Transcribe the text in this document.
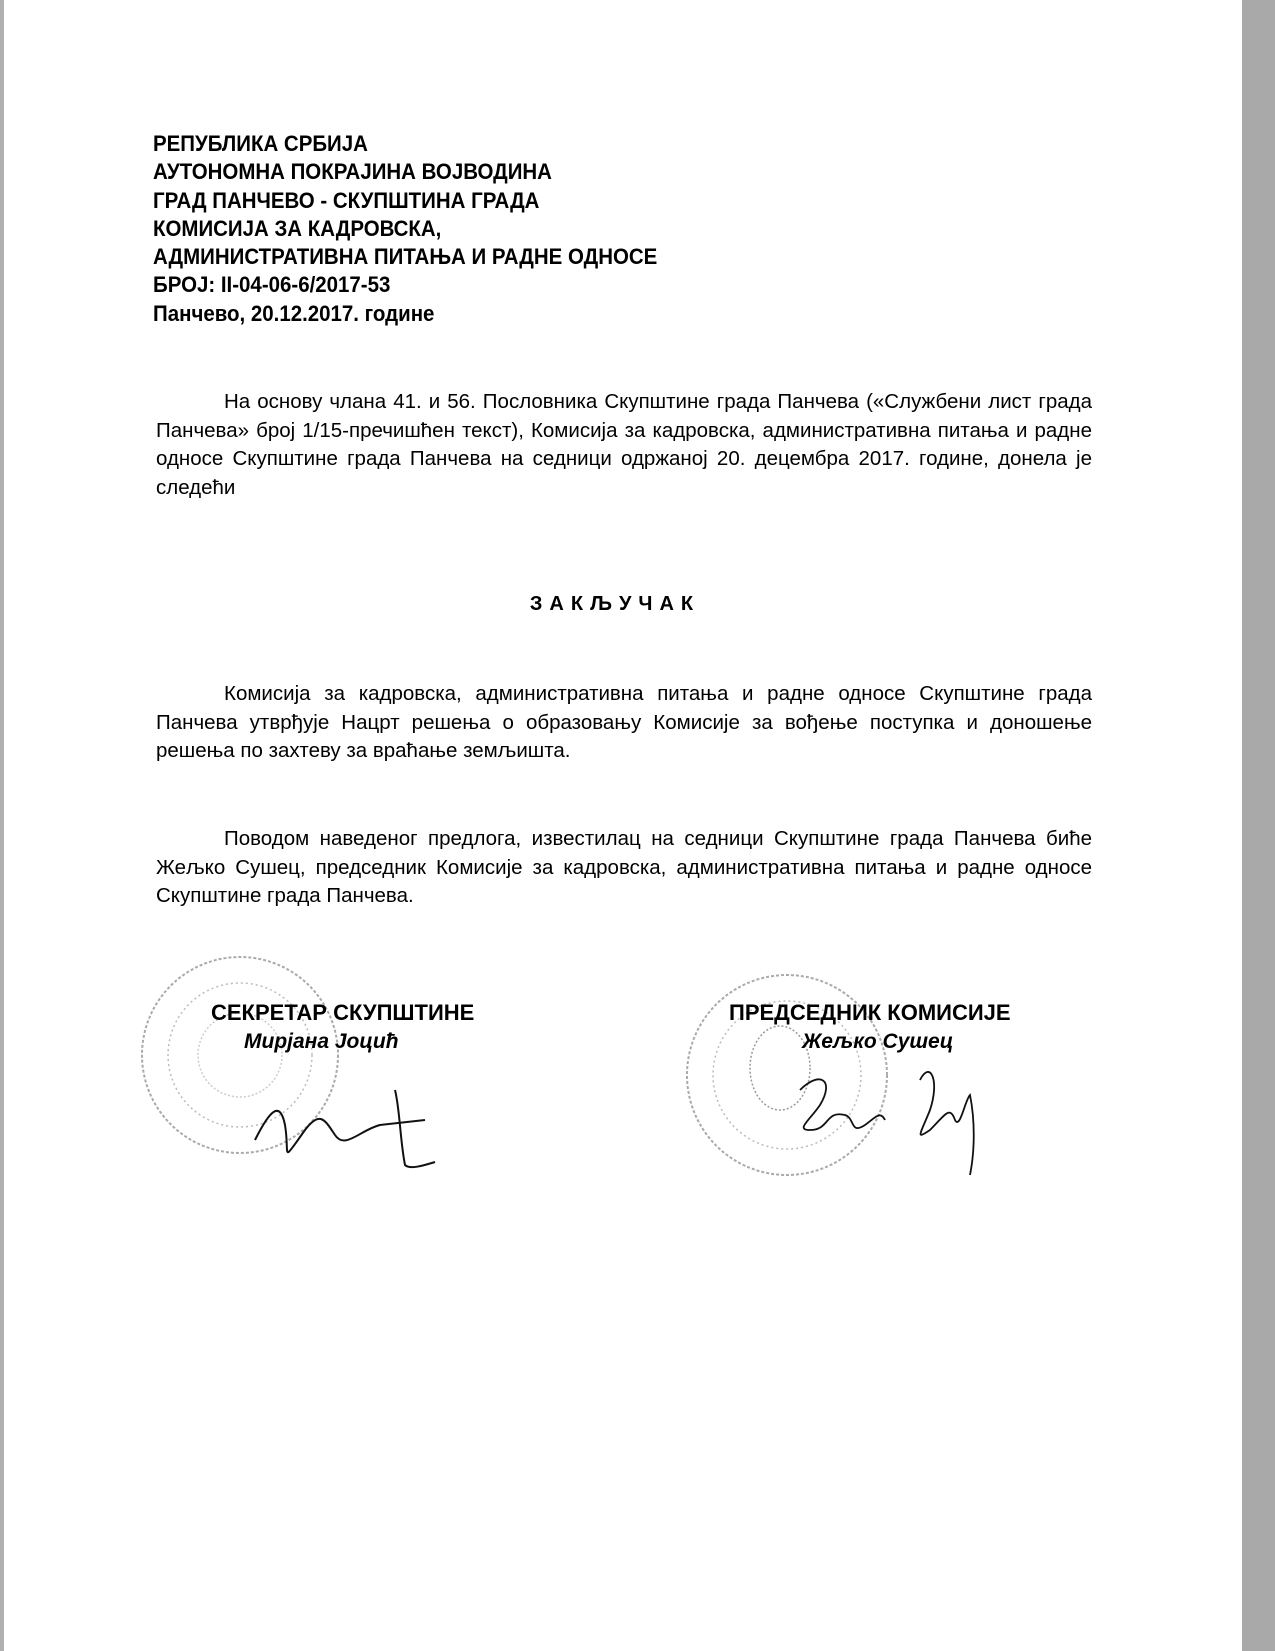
РЕПУБЛИКА СРБИЈА
АУТОНОМНА ПОКРАЈИНА ВОЈВОДИНА
ГРАД ПАНЧЕВО - СКУПШТИНА ГРАДА
КОМИСИЈА ЗА КАДРОВСКА,
АДМИНИСТРАТИВНА ПИТАЊА И РАДНЕ ОДНОСЕ
БРОЈ: II-04-06-6/2017-53
Панчево, 20.12.2017. године
На основу члана 41. и 56. Пословника Скупштине града Панчева («Службени лист града Панчева» број 1/15-пречишћен текст), Комисија за кадровска, административна питања и радне односе Скупштине града Панчева на седници одржаној 20. децембра 2017. године, донела је следећи
ЗАКЉУЧАК
Комисија за кадровска, административна питања и радне односе Скупштине града Панчева утврђује Нацрт решења о образовању Комисије за вођење поступка и доношење решења по захтеву за враћање земљишта.
Поводом наведеног предлога, известилац на седници Скупштине града Панчева биће Жељко Сушец, председник Комисије за кадровска, административна питања и радне односе Скупштине града Панчева.
СЕКРЕТАР СКУПШТИНЕ
Мирјана Јоцић
ПРЕДСЕДНИК КОМИСИЈЕ
Жељко Сушец
